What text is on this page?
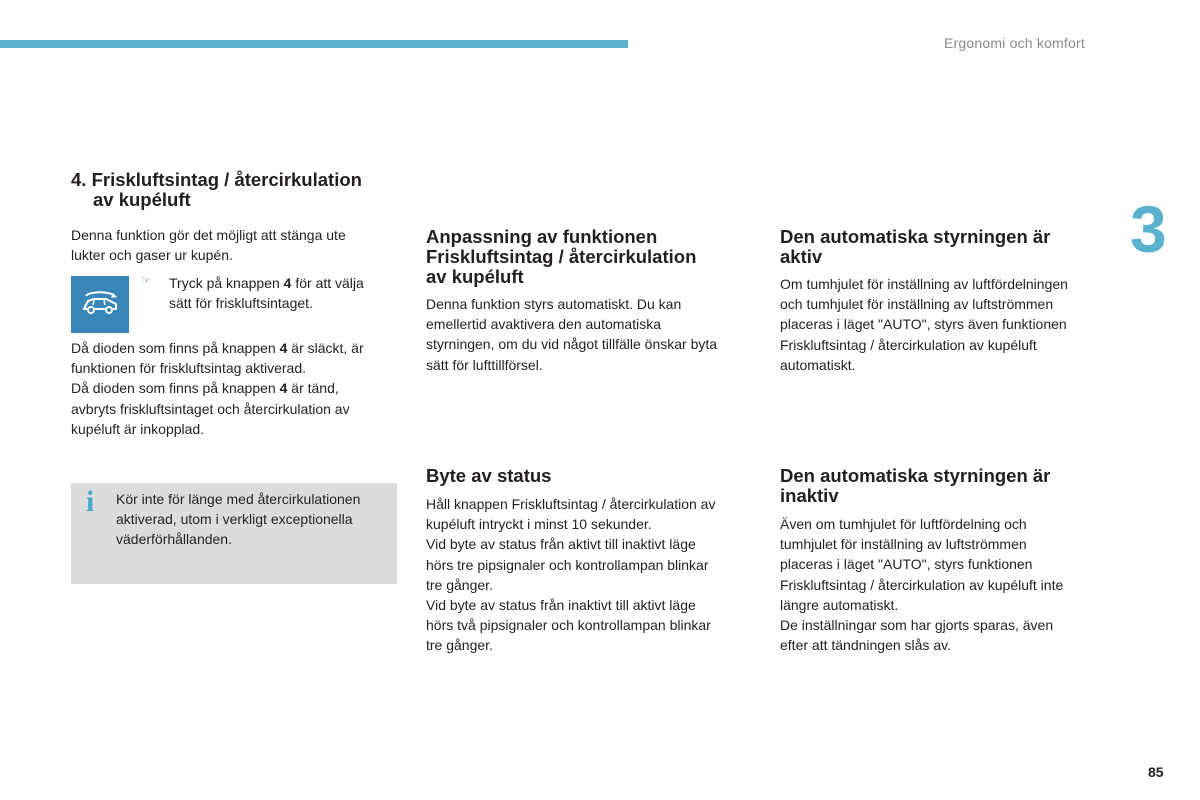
Ergonomi och komfort
3
4. Friskluftsintag / återcirkulation
av kupéluft

Denna funktion gör det möjligt att stänga ute
lukter och gaser ur kupén.

☞ Tryck på knappen 4 för att välja
sätt för friskluftsintaget.

Då dioden som finns på knappen 4 är släckt, är
funktionen för friskluftsintag aktiverad.
Då dioden som finns på knappen 4 är tänd,
avbryts friskluftsintaget och återcirkulation av
kupéluft är inkopplad.

i Kör inte för länge med återcirkulationen
aktiverad, utom i verkligt exceptionella
väderförhållanden.

Anpassning av funktionen
Friskluftsintag / återcirkulation
av kupéluft

Denna funktion styrs automatiskt. Du kan
emellertid avaktivera den automatiska
styrningen, om du vid något tillfälle önskar byta
sätt för lufttillförsel.

Byte av status

Håll knappen Friskluftsintag / återcirkulation av
kupéluft intryckt i minst 10 sekunder.
Vid byte av status från aktivt till inaktivt läge
hörs tre pipsignaler och kontrollampan blinkar
tre gånger.
Vid byte av status från inaktivt till aktivt läge
hörs två pipsignaler och kontrollampan blinkar
tre gånger.

Den automatiska styrningen är
aktiv

Om tumhjulet för inställning av luftfördelningen
och tumhjulet för inställning av luftströmmen
placeras i läget "AUTO", styrs även funktionen
Friskluftsintag / återcirkulation av kupéluft
automatiskt.

Den automatiska styrningen är
inaktiv

Även om tumhjulet för luftfördelning och
tumhjulet för inställning av luftströmmen
placeras i läget "AUTO", styrs funktionen
Friskluftsintag / återcirkulation av kupéluft inte
längre automatiskt.
De inställningar som har gjorts sparas, även
efter att tändningen slås av.

85
